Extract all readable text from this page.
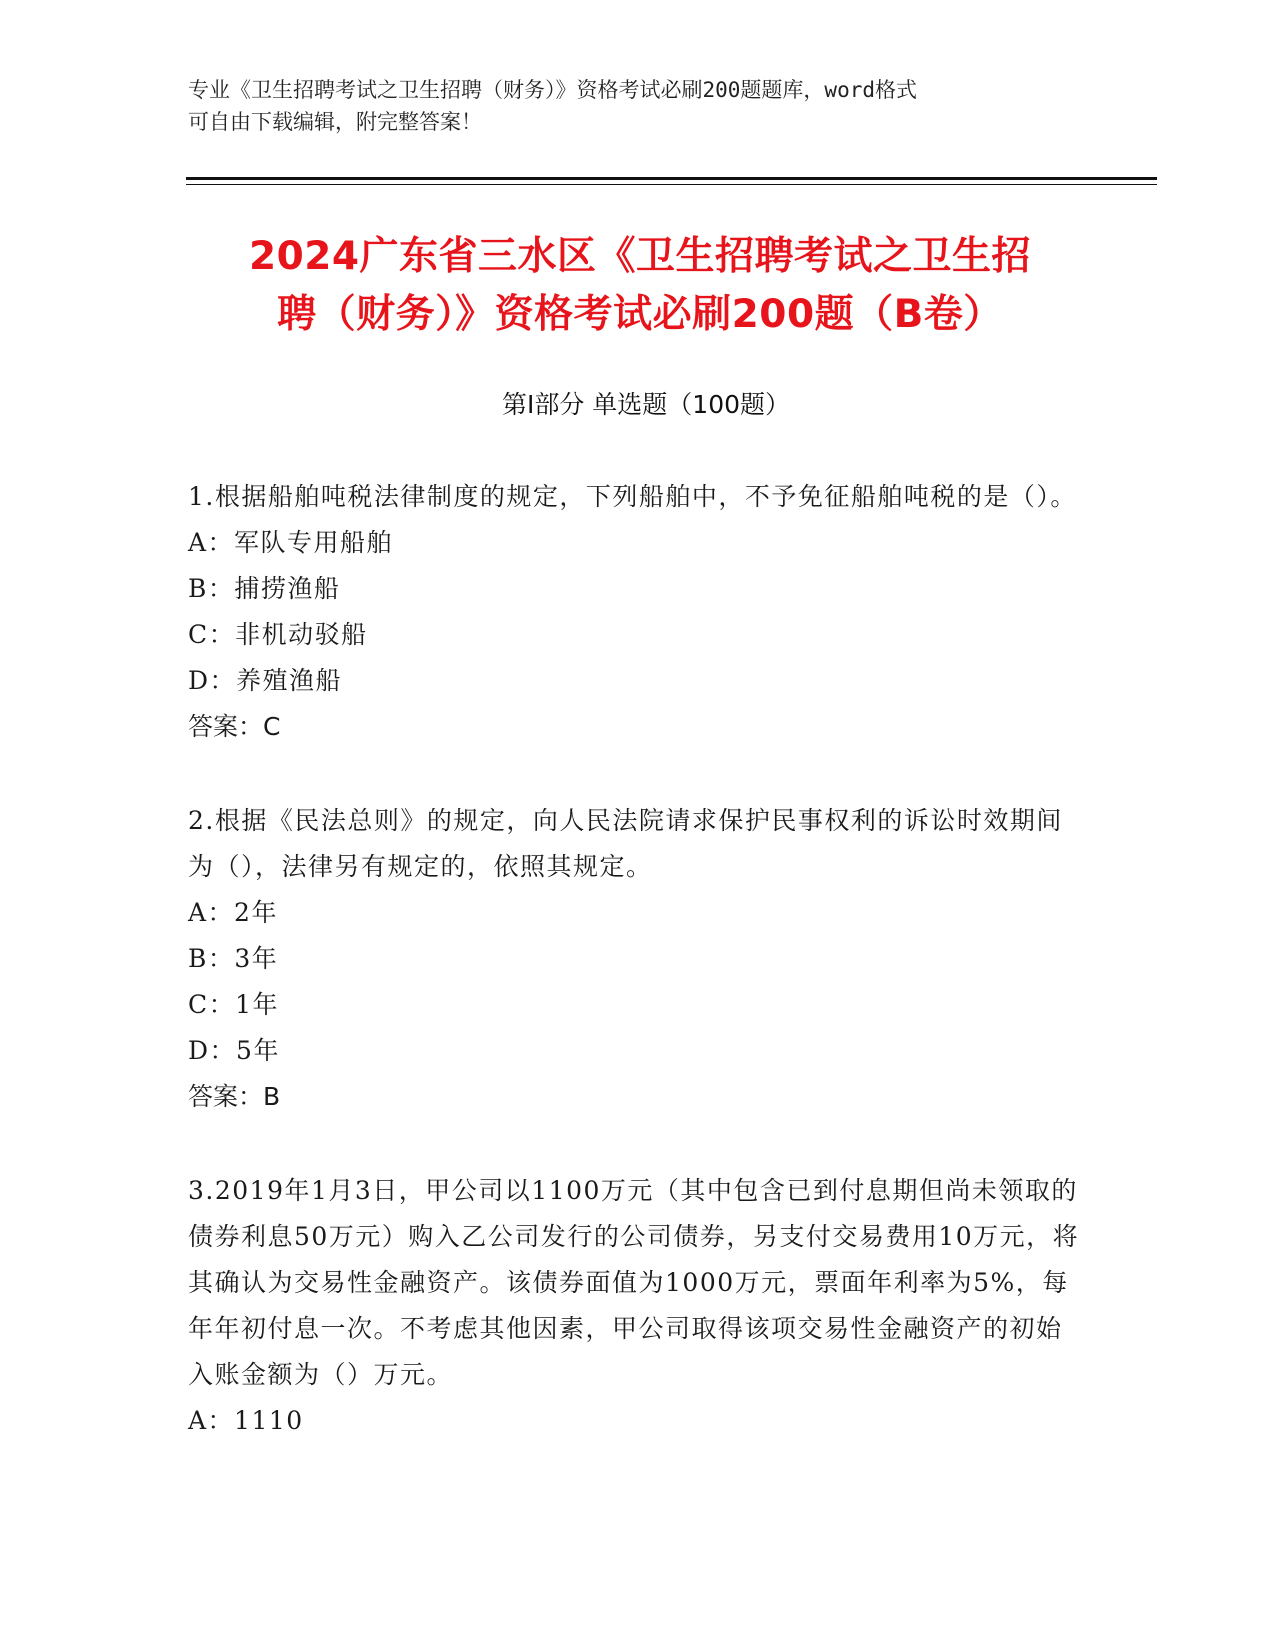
专业《卫生招聘考试之卫生招聘（财务）》资格考试必刷200题题库，word格式
可自由下载编辑，附完整答案！
2024广东省三水区《卫生招聘考试之卫生招
聘（财务）》资格考试必刷200题（B卷）
第Ⅰ部分 单选题（100题）

1.根据船舶吨税法律制度的规定，下列船舶中，不予免征船舶吨税的是（）。

A：军队专用船舶

B：捕捞渔船

C：非机动驳船

D：养殖渔船

答案：C

2.根据《民法总则》的规定，向人民法院请求保护民事权利的诉讼时效期间为（），法律另有规定的，依照其规定。

A：2年

B：3年

C：1年

D：5年

答案：B

3.2019年1月3日，甲公司以1100万元（其中包含已到付息期但尚未领取的债券利息50万元）购入乙公司发行的公司债券，另支付交易费用10万元，将其确认为交易性金融资产。该债券面值为1000万元，票面年利率为5%，每年年初付息一次。不考虑其他因素，甲公司取得该项交易性金融资产的初始入账金额为（）万元。

A：1110
